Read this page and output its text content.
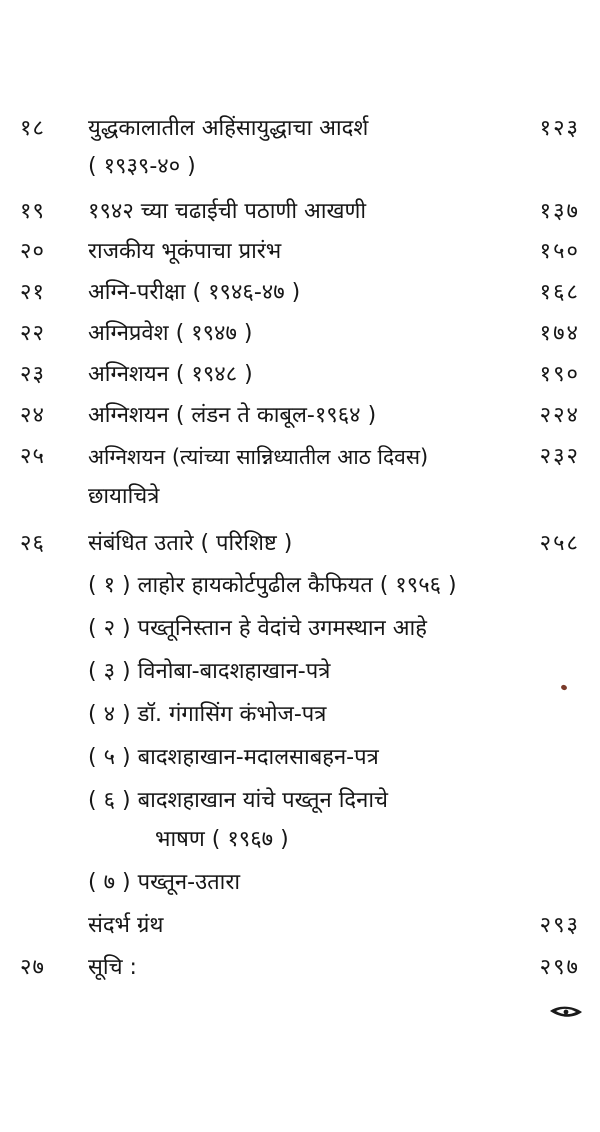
१८ युद्धकालातील अहिंसायुद्धाचा आदर्श	१२३
( १९३९-४० )
१९ १९४२ च्या चढाईची पठाणी आखणी	१३७
२० राजकीय भूकंपाचा प्रारंभ	१५०
२१ अग्नि-परीक्षा ( १९४६-४७ )	१६८
२२ अग्निप्रवेश ( १९४७ )	१७४
२३ अग्निशयन ( १९४८ )	१९०
२४ अग्निशयन ( लंडन ते काबूल-१९६४ )	२२४
२५ अग्निशयन (त्यांच्या सान्निध्यातील आठ दिवस)	२३२
छायाचित्रे
२६ संबंधित उतारे ( परिशिष्ट )	२५८
( १ ) लाहोर हायकोर्टपुढील कैफियत ( १९५६ )
( २ ) पख्तूनिस्तान हे वेदांचे उगमस्थान आहे
( ३ ) विनोबा-बादशहाखान-पत्रे
( ४ ) डॉ. गंगासिंग कंभोज-पत्र
( ५ ) बादशहाखान-मदालसाबहन-पत्र
( ६ ) बादशहाखान यांचे पख्तून दिनाचे
भाषण ( १९६७ )
( ७ ) पख्तून-उतारा
संदर्भ ग्रंथ	२९३
२७ सूचि :	२९७
